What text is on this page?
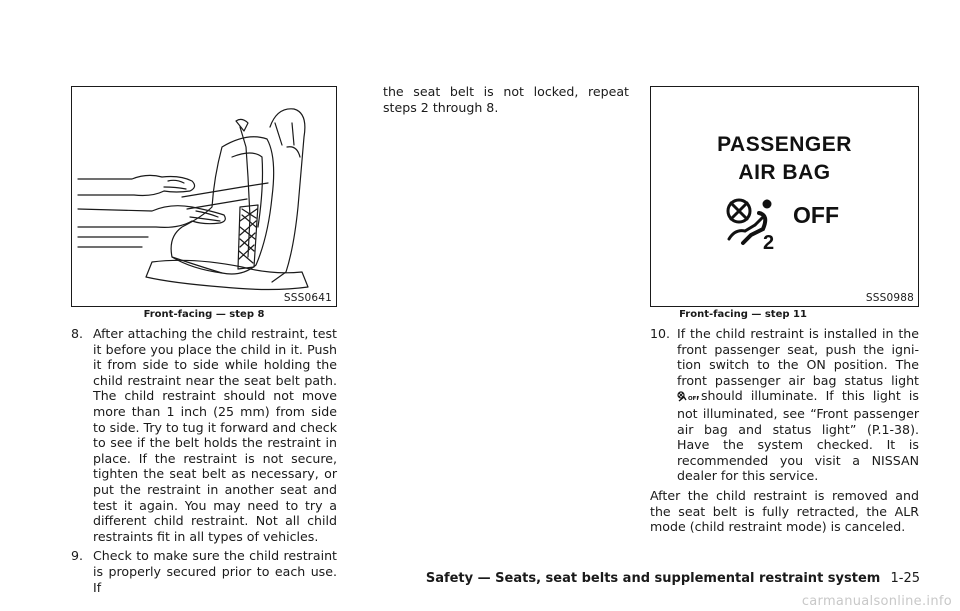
SSS0641
Front-facing — step 8
8. After attaching the child restraint, test it before you place the child in it. Push it from side to side while holding the child restraint near the seat belt path. The child restraint should not move more than 1 inch (25 mm) from side to side. Try to tug it forward and check to see if the belt holds the restraint in place. If the restraint is not secure, tighten the seat belt as necessary, or put the restraint in another seat and test it again. You may need to try a different child restraint. Not all child restraints fit in all types of vehicles.
9. Check to make sure the child restraint is properly secured prior to each use. If
the seat belt is not locked, repeat steps 2 through 8.
PASSENGER
AIR BAG
2
OFF
SSS0988
Front-facing — step 11
10. If the child restraint is installed in the front passenger seat, push the igni-tion switch to the ON position. The front passenger air bag status light
OFF should illuminate. If this light is not illuminated, see “Front passenger air bag and status light” (P.1-38). Have the system checked. It is recommended you visit a NISSAN dealer for this service.
After the child restraint is removed and the seat belt is fully retracted, the ALR mode (child restraint mode) is canceled.
Safety — Seats, seat belts and supplemental restraint system 1-25
carmanualsonline.info
